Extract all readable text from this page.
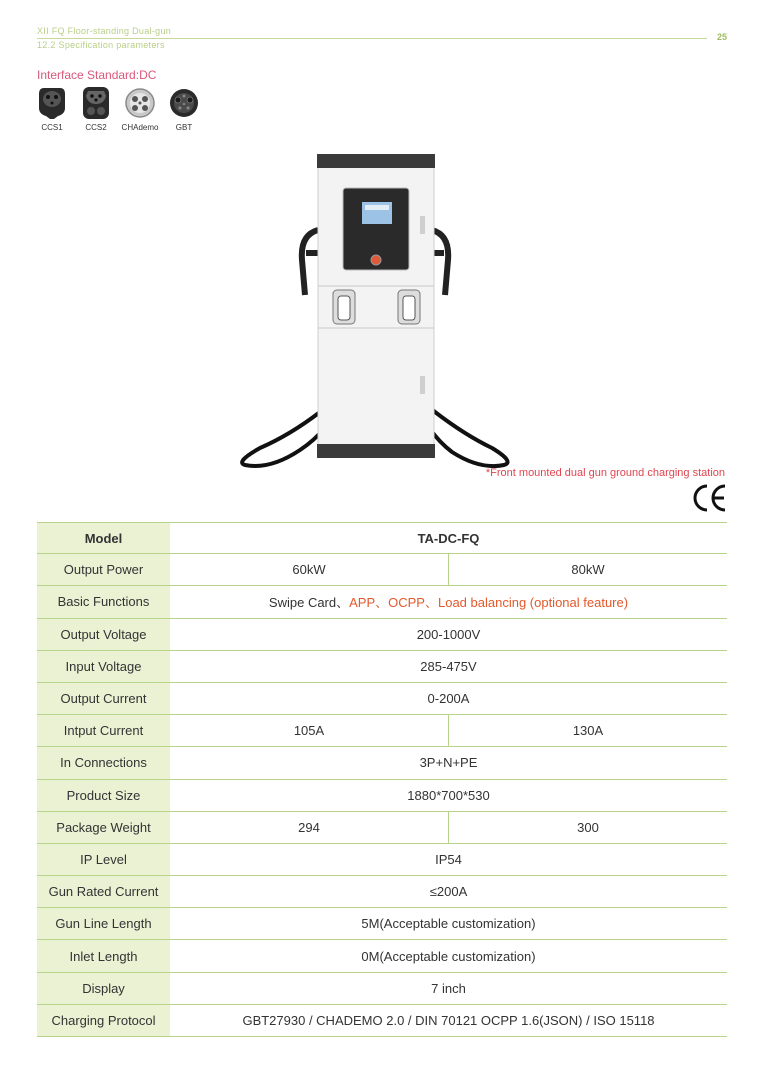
XII FQ Floor-standing Dual-gun
12.2 Specification parameters
25
Interface Standard:DC
CCS1	CCS2 CHAdemo GBT
*Front mounted dual gun ground charging station
Model	TA-DC-FQ
Output Power	60kW	80kW
Basic Functions	Swipe Card、 APP、OCPP、Load balancing (optional feature)
Output Voltage	200-1000V
Input Voltage	285-475V
Output Current	0-200A
Intput Current	105A	130A
In Connections	3P+N+PE
Product Size	1880*700*530
Package Weight	294	300
IP Level	IP54
Gun Rated Current	≤200A
Gun Line Length	5M(Acceptable customization)
Inlet Length	0M(Acceptable customization)
Display	7 inch
Charging Protocol	GBT27930 / CHADEMO 2.0 / DIN 70121 OCPP 1.6(JSON) / ISO 15118
